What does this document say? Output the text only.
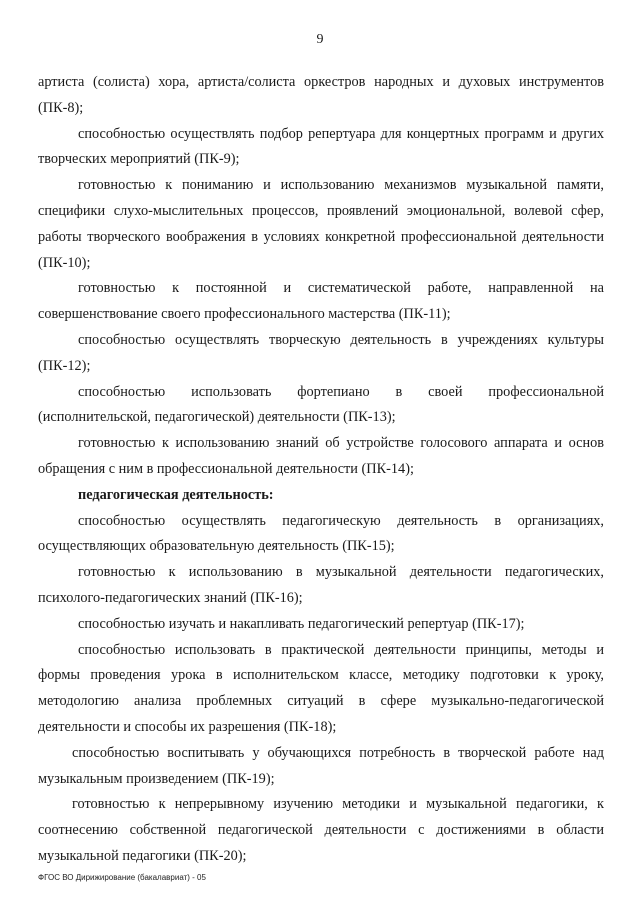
9

артиста (солиста) хора, артиста/солиста оркестров народных и духовых инструментов (ПК-8);

способностью осуществлять подбор репертуара для концертных программ и других творческих мероприятий (ПК-9);

готовностью к пониманию и использованию механизмов музыкальной памяти, специфики слухо-мыслительных процессов, проявлений эмоциональной, волевой сфер, работы творческого воображения в условиях конкретной профессиональной деятельности (ПК-10);

готовностью к постоянной и систематической работе, направленной на совершенствование своего профессионального мастерства (ПК-11);

способностью осуществлять творческую деятельность в учреждениях культуры (ПК-12);

способностью использовать фортепиано в своей профессиональной (исполнительской, педагогической) деятельности (ПК-13);

готовностью к использованию знаний об устройстве голосового аппарата и основ обращения с ним в профессиональной деятельности (ПК-14);

педагогическая деятельность:

способностью осуществлять педагогическую деятельность в организациях, осуществляющих образовательную деятельность (ПК-15);

готовностью к использованию в музыкальной деятельности педагогических, психолого-педагогических знаний (ПК-16);

способностью изучать и накапливать педагогический репертуар (ПК-17);

способностью использовать в практической деятельности принципы, методы и формы проведения урока в исполнительском классе, методику подготовки к уроку, методологию анализа проблемных ситуаций в сфере музыкально-педагогической деятельности и способы их разрешения (ПК-18);

способностью воспитывать у обучающихся потребность в творческой работе над музыкальным произведением (ПК-19);

готовностью к непрерывному изучению методики и музыкальной педагогики, к соотнесению собственной педагогической деятельности с достижениями в области музыкальной педагогики (ПК-20);

ФГОС ВО Дирижирование (бакалавриат) - 05
